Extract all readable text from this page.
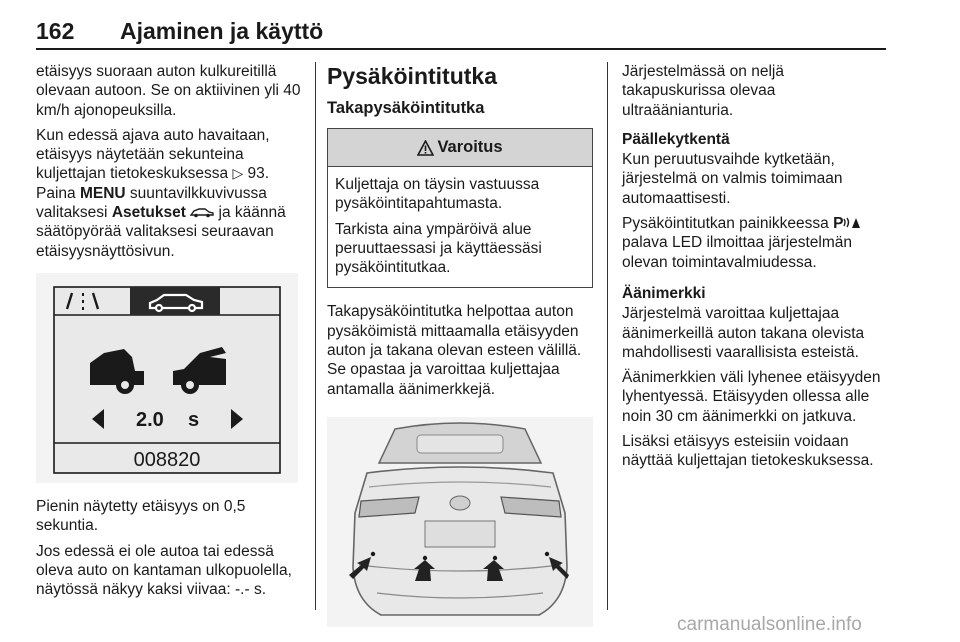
162 Ajaminen ja käyttö

etäisyys suoraan auton kulkureitillä olevaan autoon. Se on aktiivinen yli 40 km/h ajonopeuksilla.

Kun edessä ajava auto havaitaan, etäisyys näytetään sekunteina kuljettajan tietokeskuksessa ▷ 93. Paina MENU suuntavilkkuvivussa valitaksesi Asetukset  ja käännä säätöpyörää valitaksesi seuraavan etäisyysnäyttösivun.

2.0 s
008820

Pienin näytetty etäisyys on 0,5 sekuntia.

Jos edessä ei ole autoa tai edessä oleva auto on kantaman ulkopuolella, näytössä näkyy kaksi viivaa: -.- s.

Pysäköintitutka
Takapysäköintitutka
Varoitus

Kuljettaja on täysin vastuussa pysäköintitapahtumasta.

Tarkista aina ympäröivä alue peruuttaessasi ja käyttäessäsi pysäköintitutkaa.

Takapysäköintitutka helpottaa auton pysäköimistä mittaamalla etäisyyden auton ja takana olevan esteen välillä. Se opastaa ja varoittaa kuljettajaa antamalla äänimerkkejä.

Järjestelmässä on neljä takapuskurissa olevaa ultraäänianturia.

Päällekytkentä

Kun peruutusvaihde kytketään, järjestelmä on valmis toimimaan automaattisesti.

Pysäköintitutkan painikkeessa P palava LED ilmoittaa järjestelmän olevan toimintavalmiudessa.

Äänimerkki

Järjestelmä varoittaa kuljettajaa äänimerkeillä auton takana olevista mahdollisesti vaarallisista esteistä.

Äänimerkkien väli lyhenee etäisyyden lyhentyessä. Etäisyyden ollessa alle noin 30 cm äänimerkki on jatkuva.

Lisäksi etäisyys esteisiin voidaan näyttää kuljettajan tietokeskuksessa.

carmanualsonline.info
